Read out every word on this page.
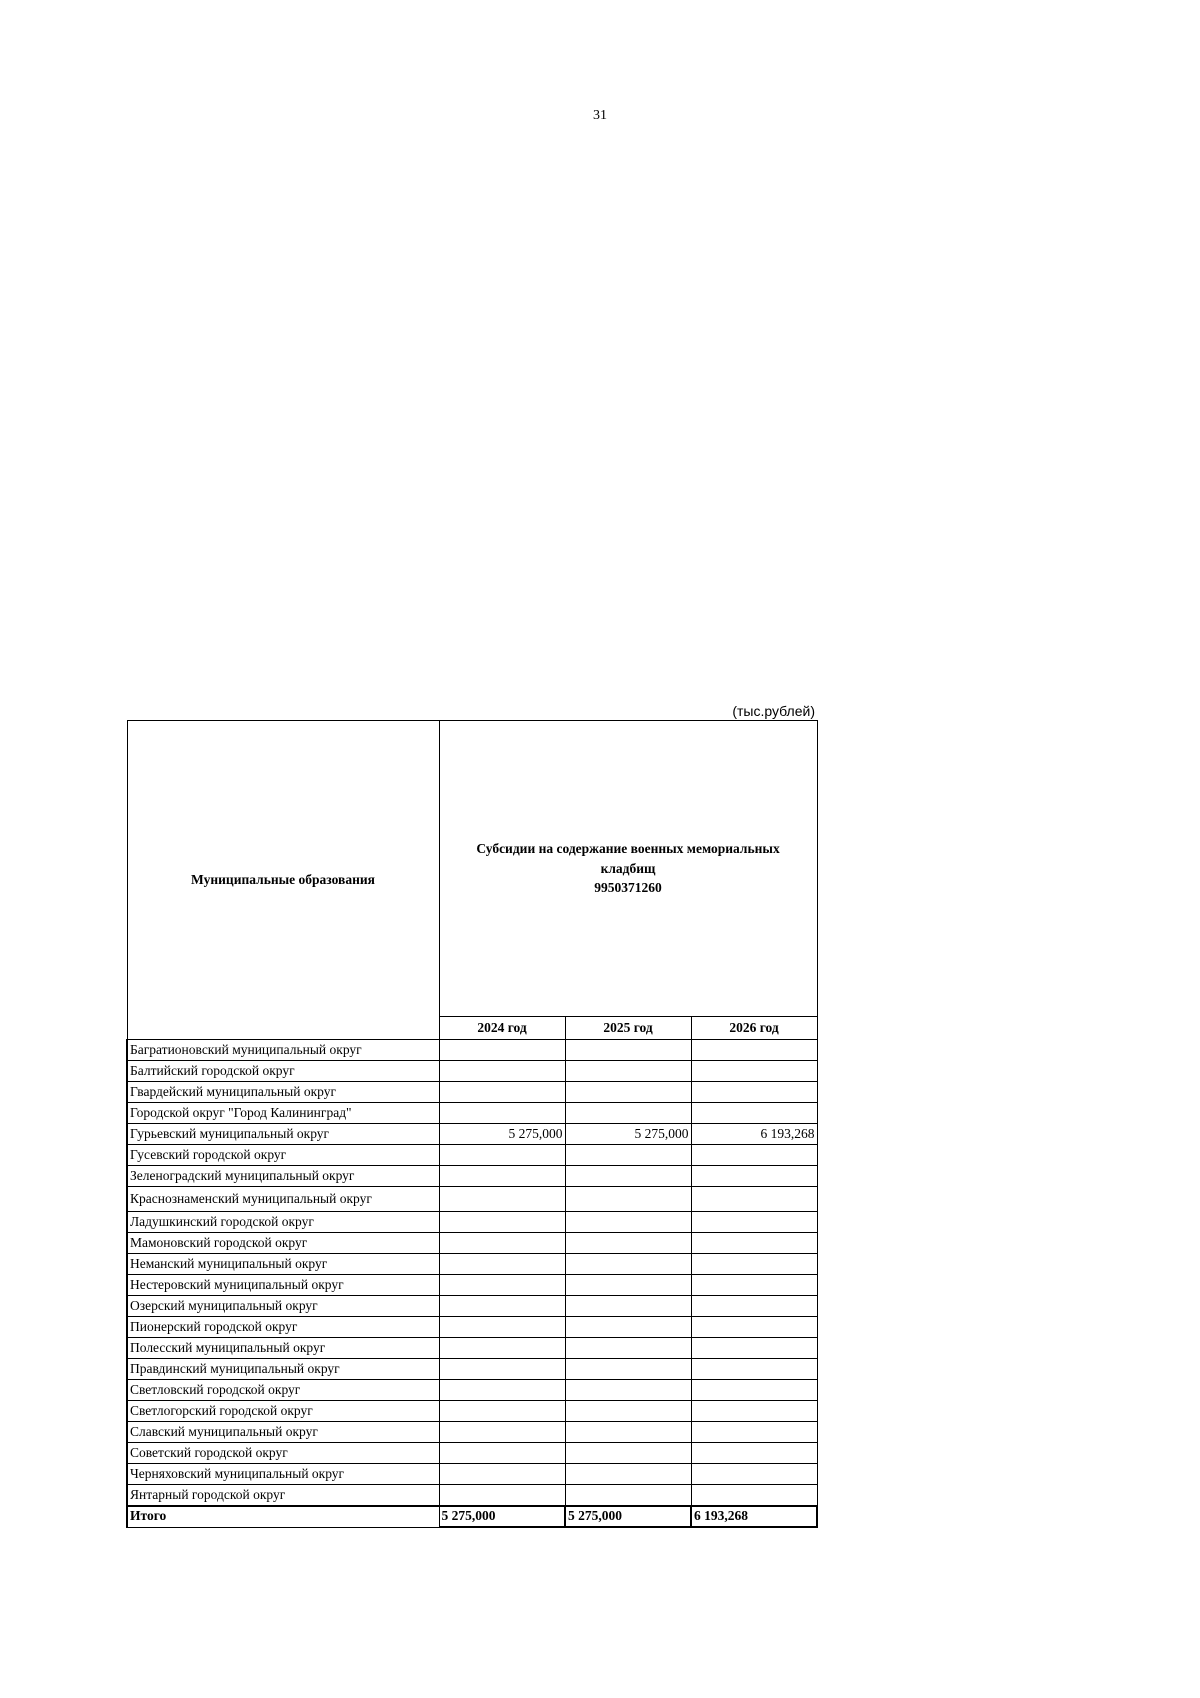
31
(тыс.рублей)
Муниципальные образования	Субсидии на содержание военных мемориальных
кладбищ
9950371260		

	2024 год	2025 год	2026 год
Багратионовский муниципальный округ			
Балтийский городской округ			
Гвардейский муниципальный округ			
Городской округ "Город Калининград"			
Гурьевский муниципальный округ	5 275,000	5 275,000	6 193,268
Гусевский городской округ			
Зеленоградский муниципальный округ			
Краснознаменский муниципальный округ			
Ладушкинский городской округ			
Мамоновский городской округ			
Неманский муниципальный округ			
Нестеровский муниципальный округ			
Озерский муниципальный округ			
Пионерский городской округ			
Полесский муниципальный округ			
Правдинский муниципальный округ			
Светловский городской округ			
Светлогорский городской округ			
Славский муниципальный округ			
Советский городской округ			
Черняховский муниципальный округ			
Янтарный городской округ			
Итого	5 275,000	5 275,000	6 193,268
